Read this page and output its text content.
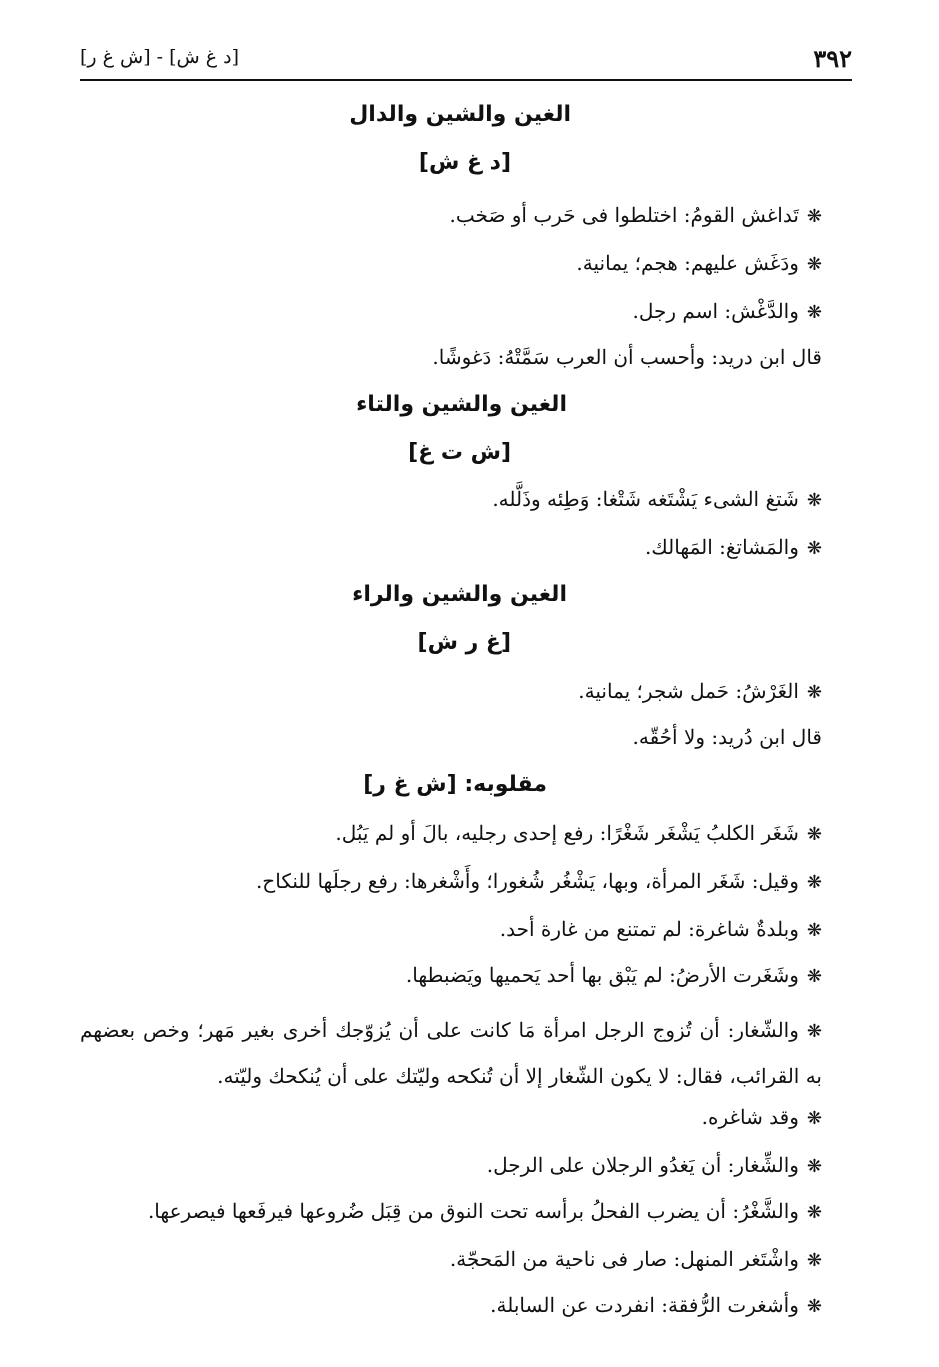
٣٩٢
[د غ ش] - [ش غ ر]
الغين والشين والدال
[د غ ش]
❋تَداغش القومُ: اختلطوا فى حَرب أو صَخب.
❋ودَغَش عليهم: هجم؛ يمانية.
❋والدَّغْش: اسم رجل.
قال ابن دريد: وأحسب أن العرب سَمَّتْهُ: دَغوشًا.
الغين والشين والتاء
[ش ت غ]
❋شَتغ الشىء يَشْتَغه شَتْغا: وَطِئه وذَلَّله.
❋والمَشاتغ: المَهالك.
الغين والشين والراء
[غ ر ش]
❋الغَرْشُ: حَمل شجر؛ يمانية.
قال ابن دُريد: ولا أحُقّه.
مقلوبه: [ش غ ر]
❋شَغَر الكلبُ يَشْغَر شَغْرًا: رفع إحدى رجليه، بالَ أو لم يَبُل.
❋وقيل: شَغَر المرأة، وبها، يَشْغُر شُغورا؛ وأَشْغرها: رفع رجلَها للنكاح.
❋وبلدةٌ شاغرة: لم تمتنع من غارة أحد.
❋وشَغَرت الأرضُ: لم يَبْق بها أحد يَحميها ويَضبطها.
❋والشّغار: أن تُزوج الرجل امرأة مَا كانت على أن يُزوّجك أخرى بغير مَهر؛ وخص بعضهم به القرائب، فقال: لا يكون الشّغار إلا أن تُنكحه وليّتك على أن يُنكحك وليّته.
❋وقد شاغره.
❋والشِّغار: أن يَغدُو الرجلان على الرجل.
❋والشَّغْرُ: أن يضرب الفحلُ برأسه تحت النوق من قِبَل ضُروعها فيرفَعها فيصرعها.
❋واشْتَغر المنهل: صار فى ناحية من المَحجّة.
❋وأشغرت الرُّفقة: انفردت عن السابلة.
